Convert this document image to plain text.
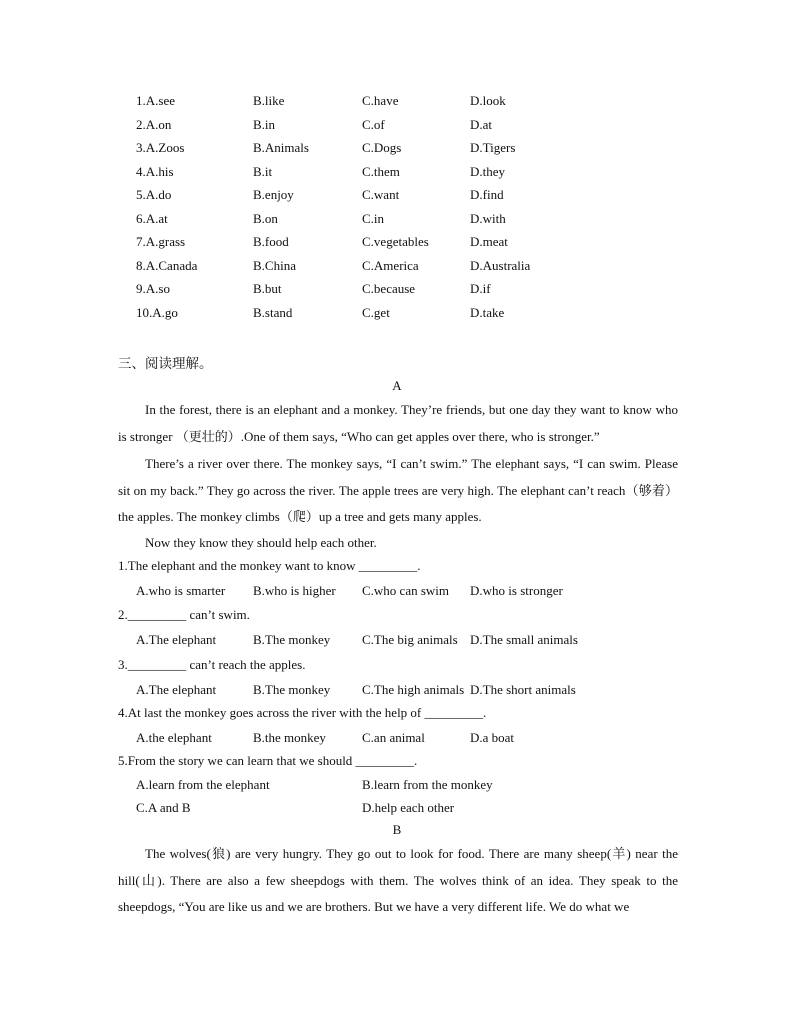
1.A.see	B.like	C.have	D.look
2.A.on	B.in	C.of	D.at
3.A.Zoos	B.Animals	C.Dogs	D.Tigers
4.A.his	B.it	C.them	D.they
5.A.do	B.enjoy	C.want	D.find
6.A.at	B.on	C.in	D.with
7.A.grass	B.food	C.vegetables	D.meat
8.A.Canada	B.China	C.America	D.Australia
9.A.so	B.but	C.because	D.if
10.A.go	B.stand	C.get	D.take
三、阅读理解。
A
In the forest, there is an elephant and a monkey. They’re friends, but one day they want to know who is stronger （更壮的）.One of them says, “Who can get apples over there, who is stronger.”
There’s a river over there. The monkey says, “I can’t swim.” The elephant says, “I can swim. Please sit on my back.” They go across the river. The apple trees are very high. The elephant can’t reach（够着）the apples. The monkey climbs（爬）up a tree and gets many apples.
Now they know they should help each other.
1.The elephant and the monkey want to know _________.
A.who is smarter B.who is higher C.who can swim D.who is stronger
2._________ can’t swim.
A.The elephant	B.The monkey C.The big animals D.The small animals
3._________ can’t reach the apples.
A.The elephant	B.The monkey C.The high animals D.The short animals
4.At last the monkey goes across the river with the help of _________.
A.the elephant	B.the monkey	C.an animal	D.a boat
5.From the story we can learn that we should _________.
A.learn from the elephant	B.learn from the monkey
C.A and B	D.help each other
B
The wolves(狼) are very hungry. They go out to look for food. There are many sheep(羊) near the hill(山). There are also a few sheepdogs with them. The wolves think of an idea. They speak to the sheepdogs, “You are like us and we are brothers. But we have a very different life. We do what we
